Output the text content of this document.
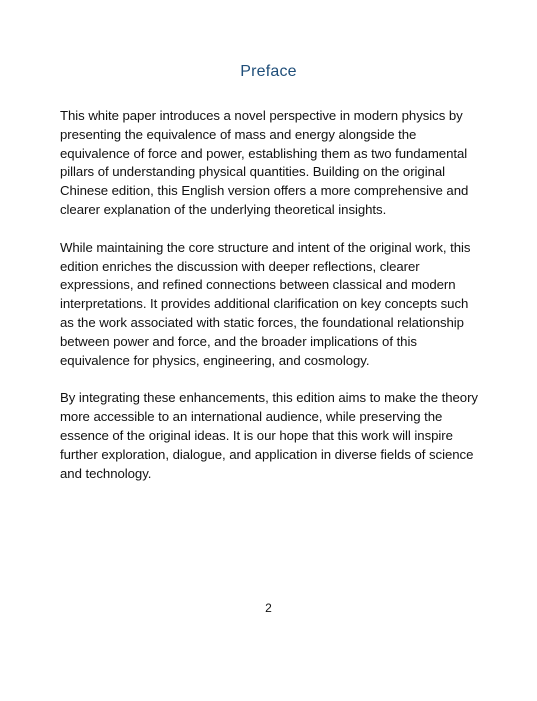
Preface

This white paper introduces a novel perspective in modern physics by presenting the equivalence of mass and energy alongside the equivalence of force and power, establishing them as two fundamental pillars of understanding physical quantities. Building on the original Chinese edition, this English version offers a more comprehensive and clearer explanation of the underlying theoretical insights.

While maintaining the core structure and intent of the original work, this edition enriches the discussion with deeper reflections, clearer expressions, and refined connections between classical and modern interpretations. It provides additional clarification on key concepts such as the work associated with static forces, the foundational relationship between power and force, and the broader implications of this equivalence for physics, engineering, and cosmology.

By integrating these enhancements, this edition aims to make the theory more accessible to an international audience, while preserving the essence of the original ideas. It is our hope that this work will inspire further exploration, dialogue, and application in diverse fields of science and technology.

2
